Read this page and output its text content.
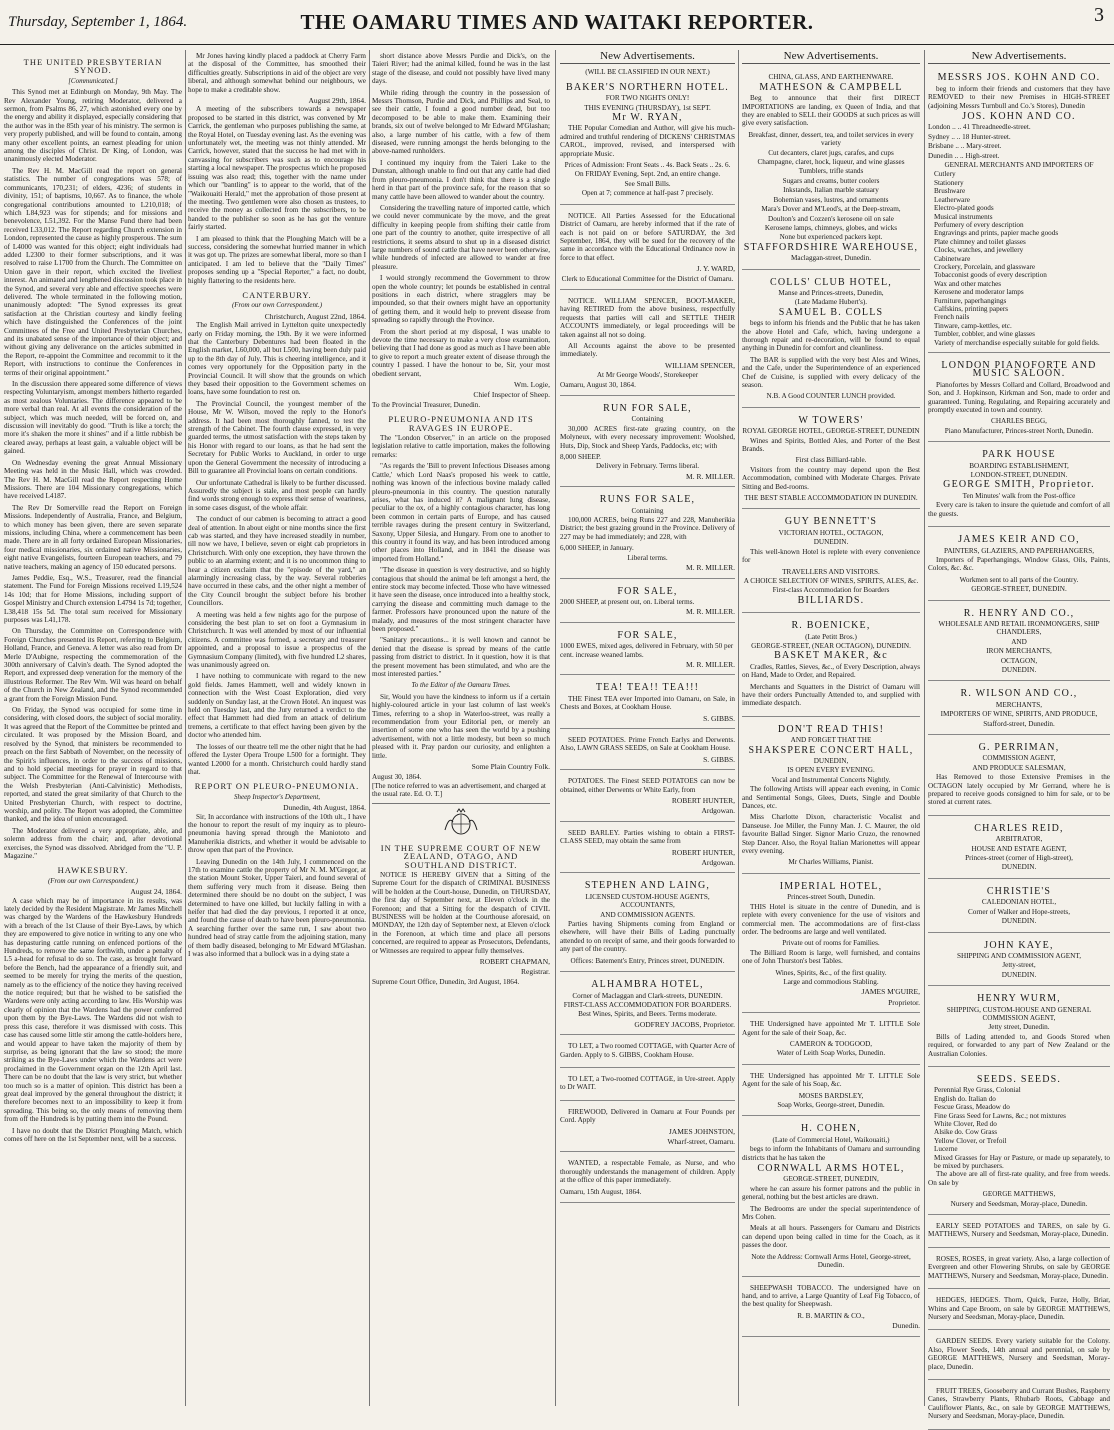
Thursday, September 1, 1864.	THE OAMARU TIMES AND WAITAKI REPORTER.	3
THE UNITED PRESBYTERIAN SYNOD.
[Communicated.]

This Synod met at Edinburgh on Monday, 9th May. The Rev Alexander Young, retiring Moderator, delivered a sermon, from Psalms 86, 27, which astonished every one by the energy and ability it displayed, especially considering that the author was in the 85th year of his ministry. The sermon is very properly published, and will be found to contain, among many other excellent points, an earnest pleading for union among the disciples of Christ. Dr King, of London, was unanimously elected Moderator.

The Rev H. M. MacGill read the report on general statistics. The number of congregations was 578; of communicants, 170,231; of elders, 4236; of students in divinity, 151; of baptisms, 10,667. As to finance, the whole congregational contributions amounted to L210,018; of which L84,923 was for stipends; and for missions and benevolence, L51,392. For the Manse Fund there had been received L33,012. The Report regarding Church extension in London, represented the cause as highly prosperous. The sum of L4000 was wanted for this object; eight individuals had added L2300 to their former subscriptions, and it was resolved to raise L1700 from the Church. The Committee on Union gave in their report, which excited the liveliest interest. An animated and lengthened discussion took place in the Synod, and several very able and effective speeches were delivered. The whole terminated in the following motion, unanimously adopted: "The Synod expresses its great satisfaction at the Christian courtesy and kindly feeling which have distinguished the Conferences of the joint Committees of the Free and United Presbyterian Churches, and its unabated sense of the importance of their object; and without giving any deliverance on the articles submitted in the Report, re-appoint the Committee and recommit to it the Report, with instructions to continue the Conferences in terms of their original appointment."

In the discussion there appeared some difference of views respecting Voluntaryism, amongst members hitherto regarded as most zealous Voluntaries. The difference appeared to be more verbal than real. At all events the consideration of the subject, which was much needed, will be forced on, and discussion will inevitably do good. "Truth is like a torch; the more it's shaken the more it shines" and if a little rubbish be cleared away, perhaps at least gain, a valuable object will be gained.

On Wednesday evening the great Annual Missionary Meeting was held in the Music Hall, which was crowded. The Rev H. M. MacGill read the Report respecting Home Missions. There are 104 Missionary congregations, which have received L4187.

The Rev Dr Somerville read the Report on Foreign Missions. Independently of Australia, France, and Belgium, to which money has been given, there are seven separate missions, including China, where a commencement has been made. There are in all forty ordained European Missionaries, four medical missionaries, six ordained native Missionaries, eight native Evangelists, fourteen European teachers, and 79 native teachers, making an agency of 150 educated persons.

James Peddie, Esq., W.S., Treasurer, read the financial statement. The Fund for Foreign Missions received L19,524 14s 10d; that for Home Missions, including support of Gospel Ministry and Church extension L4794 1s 7d; together, L38,418 15s 5d. The total sum received for Missionary purposes was L41,178.

On Thursday, the Committee on Correspondence with Foreign Churches presented its Report, referring to Belgium, Holland, France, and Geneva. A letter was also read from Dr Merle D'Aubigne, respecting the commemoration of the 300th anniversary of Calvin's death. The Synod adopted the Report, and expressed deep veneration for the memory of the illustrious Reformer. The Rev Wm. Wil was heard on behalf of the Church in New Zealand, and the Synod recommended a grant from the Foreign Mission Fund.

On Friday, the Synod was occupied for some time in considering, with closed doors, the subject of social morality. It was agreed that the Report of the Committee be printed and circulated. It was proposed by the Mission Board, and resolved by the Synod, that ministers be recommended to preach on the first Sabbath of November, on the necessity of the Spirit's influences, in order to the success of missions, and to hold special meetings for prayer in regard to that subject. The Committee for the Renewal of Intercourse with the Welsh Presbyterian (Anti-Calvinistic) Methodists, reported, and stated the great similarity of that Church to the United Presbyterian Church, with respect to doctrine, worship, and polity. The Report was adopted, the Committee thanked, and the idea of union encouraged.

The Moderator delivered a very appropriate, able, and solemn address from the chair; and, after devotional exercises, the Synod was dissolved. Abridged from the "U. P. Magazine."

HAWKESBURY.
(From our own Correspondent.)
August 24, 1864.

A case which may be of importance in its results, was lately decided by the Resident Magistrate. Mr James Mitchell was charged by the Wardens of the Hawkesbury Hundreds with a breach of the 1st Clause of their Bye-Laws, by which they are empowered to give notice in writing to any one who has depasturing cattle running on enfenced portions of the Hundreds, to remove the same forthwith, under a penalty of L5 a-head for refusal to do so. The case, as brought forward before the Bench, had the appearance of a friendly suit, and seemed to be merely for trying the merits of the question, namely as to the efficiency of the notice they having received the notice required; but that he wished to be satisfied the Wardens were only acting according to law. His Worship was clearly of opinion that the Wardens had the power conferred upon them by the Bye-Laws. The Wardens did not wish to press this case, therefore it was dismissed with costs. This case has caused some little stir among the cattle-holders here, and would appear to have taken the majority of them by surprise, as being ignorant that the law so stood; the more striking as the Bye-Laws under which the Wardens act were proclaimed in the Government organ on the 12th April last. There can be no doubt that the law is very strict, but whether too much so is a matter of opinion. This district has been a great deal improved by the general throughout the district; it therefore becomes next to an impossibility to keep it from spreading. This being so, the only means of removing them from off the Hundreds is by putting them into the Pound.

I have no doubt that the District Ploughing Match, which comes off here on the 1st September next, will be a success.

Mr Jones having kindly placed a paddock at Cherry Farm at the disposal of the Committee, has smoothed their difficulties greatly. Subscriptions in aid of the object are very liberal, and although somewhat behind our neighbours, we hope to make a creditable show.

August 29th, 1864.

A meeting of the subscribers towards a newspaper proposed to be started in this district, was convened by Mr Carrick, the gentleman who purposes publishing the same, at the Royal Hotel, on Tuesday evening last. As the evening was unfortunately wet, the meeting was not thinly attended. Mr Carrick, however, stated that the success he had met with in canvassing for subscribers was such as to encourage his starting a local newspaper. The prospectus which he proposed issuing was also read; this, together with the name under which our "bantling" is to appear to the world, that of the "Waikouaiti Herald," met the approbation of those present at the meeting. Two gentlemen were also chosen as trustees, to receive the money as collected from the subscribers, to be handed to the publisher so soon as he has got the venture fairly started.

I am pleased to think that the Ploughing Match will be a success, considering the somewhat hurried manner in which it was got up. The prizes are somewhat liberal, more so than I anticipated. I am led to believe that the "Daily Times" proposes sending up a "Special Reporter," a fact, no doubt, highly flattering to the residents here.

CANTERBURY.
(From our own Correspondent.)
Christchurch, August 22nd, 1864.

The English Mail arrived in Lyttelton quite unexpectedly early on Friday morning, the 19th. By it we were informed that the Canterbury Debentures had been floated in the English market, L60,000, all but L500, having been duly paid up to the 8th day of July. This is cheering intelligence, and it comes very opportunely for the Opposition party in the Provincial Council. It will show that the grounds on which they based their opposition to the Government schemes on loans, have some foundation to rest on.

The Provincial Council, the youngest member of the House, Mr W. Wilson, moved the reply to the Honor's address. It had been most thoroughly fanned, to test the strength of the Cabinet. The fourth clause expressed, in very guarded terms, the utmost satisfaction with the steps taken by his Honor with regard to our loans, as that he had sent the Secretary for Public Works to Auckland, in order to urge upon the General Government the necessity of introducing a Bill to guarantee all Provincial loans on certain conditions.

Our unfortunate Cathedral is likely to be further discussed. Assuredly the subject is stale, and most people can hardly find words strong enough to express their sense of weariness, in some cases disgust, of the whole affair.

The conduct of our cabmen is becoming to attract a good deal of attention. In about eight or nine months since the first cab was started, and they have increased steadily in number, till now we have, I believe, seven or eight cab proprietors in Christchurch. With only one exception, they have thrown the public to an alarming extent; and it is no uncommon thing to hear a citizen exclaim that the "episode of the yard," an alarmingly increasing class, by the way. Several robberies have occurred in these cabs, and the other night a member of the City Council brought the subject before his brother Councillors.

A meeting was held a few nights ago for the purpose of considering the best plan to set on foot a Gymnasium in Christchurch. It was well attended by most of our influential citizens. A committee was formed, a secretary and treasurer appointed, and a proposal to issue a prospectus of the Gymnasium Company (limited), with five hundred L2 shares, was unanimously agreed on.

I have nothing to communicate with regard to the new gold fields. James Hammett, well and widely known in connection with the West Coast Exploration, died very suddenly on Sunday last, at the Crown Hotel. An inquest was held on Tuesday last, and the Jury returned a verdict to the effect that Hammett had died from an attack of delirium tremens, a certificate to that effect having been given by the doctor who attended him.

The losses of our theatre tell me the other night that he had offered the Lyster Opera Troupe L500 for a fortnight. They wanted L2000 for a month. Christchurch could hardly stand that.

REPORT ON PLEURO-PNEUMONIA.
Sheep Inspector's Department,
Dunedin, 4th August, 1864.

Sir, In accordance with instructions of the 10th ult., I have the honour to report the result of my inquiry as to pleuro-pneumonia having spread through the Maniototo and Manuherikia districts, and whether it would be advisable to throw open that part of the Province.

Leaving Dunedin on the 14th July, I commenced on the 17th to examine cattle the property of Mr N. M. M'Gregor, at the station Mount Stoker, Upper Taieri, and found several of them suffering very much from it disease. Being then determined there should be no doubt on the subject, I was determined to have one killed, but luckily falling in with a heifer that had died the day previous, I reported it at once, and found the cause of death to have been pleuro-pneumonia. A searching further over the same run, I saw about two hundred head of stray cattle from the adjoining station, many of them badly diseased, belonging to Mr Edward M'Glashan. I was also informed that a bullock was in a dying state a

short distance above Messrs Purdie and Dick's, on the Taieri River; had the animal killed, found he was in the last stage of the disease, and could not possibly have lived many days.

While riding through the country in the possession of Messrs Thomson, Purdie and Dick, and Phillips and Seal, to see their cattle, I found a good number dead, but too decomposed to be able to make them. Examining their brands, six out of twelve belonged to Mr Edward M'Glashan; also, a large number of his cattle, with a few of them diseased, were running amongst the herds belonging to the above-named runholders.

I continued my inquiry from the Taieri Lake to the Dunstan, although unable to find out that any cattle had died from pleuro-pneumonia. I don't think that there is a single herd in that part of the province safe, for the reason that so many cattle have been allowed to wander about the country.

Considering the travelling nature of imported cattle, which we could never communicate by the move, and the great difficulty in keeping people from shifting their cattle from one part of the country to another, quite irrespective of all restrictions, it seems absurd to shut up in a diseased district large numbers of sound cattle that have never been otherwise, while hundreds of infected are allowed to wander at free pleasure.

I would strongly recommend the Government to throw open the whole country; let pounds be established in central positions in each district, where stragglers may be impounded, so that their owners might have an opportunity of getting them, and it would help to prevent disease from spreading so rapidly through the Province.

From the short period at my disposal, I was unable to devote the time necessary to make a very close examination, believing that I had done as good as much as I have been able to give to report a much greater extent of disease through the country I passed. I have the honour to be, Sir, your most obedient servant,

Wm. Logie,
Chief Inspector of Sheep.
To the Provincial Treasurer, Dunedin.
PLEURO-PNEUMONIA AND ITS RAVAGES IN EUROPE.

The "London Observer," in an article on the proposed legislation relative to cattle importation, makes the following remarks:

"As regards the 'Bill to prevent Infectious Diseases among Cattle,' which Lord Naas's proposed his week to cattle, nothing was known of the infectious bovine malady called pleuro-pneumonia in this country. The question naturally arises, what has induced it? A malignant lung disease, peculiar to the ox, of a highly contagious character, has long been common in certain parts of Europe, and has caused terrible ravages during the present century in Switzerland, Saxony, Upper Silesia, and Hungary. From one to another to this country it found its way, and has been introduced among other places into Holland, and in 1841 the disease was imported from Holland."

"The disease in question is very destructive, and so highly contagious that should the animal be left amongst a herd, the entire stock may become infected. Those who have witnessed it have seen the disease, once introduced into a healthy stock, carrying the disease and committing much damage to the farmer. Professors have pronounced upon the nature of the malady, and measures of the most stringent character have been proposed."

"Sanitary precautions... it is well known and cannot be denied that the disease is spread by means of the cattle passing from district to district. In it question, how it is that the present movement has been stimulated, and who are the most interested parties."

To the Editor of the Oamaru Times.

Sir, Would you have the kindness to inform us if a certain highly-coloured article in your last column of last week's Times, referring to a shop in Waterloo-street, was really a recommendation from your Editorial pen, or merely an insertion of some one who has seen the world by a pushing advertisement, with not a little modesty, but been so much pleased with it. Pray pardon our curiosity, and enlighten a little.

Some Plain Country Folk.
August 30, 1864.
[The notice referred to was an advertisement, and charged at the usual rate. Ed. O. T.]
IN THE SUPREME COURT OF NEW ZEALAND, OTAGO, AND SOUTHLAND DISTRICT.

NOTICE IS HEREBY GIVEN that a Sitting of the Supreme Court for the dispatch of CRIMINAL BUSINESS will be holden at the Court-house, Dunedin, on THURSDAY, the first day of September next, at Eleven o'clock in the Forenoon; and that a Sitting for the despatch of CIVIL BUSINESS will be holden at the Courthouse aforesaid, on MONDAY, the 12th day of September next, at Eleven o'clock in the Forenoon, at which time and place all persons concerned, are required to appear as Prosecutors, Defendants, or Witnesses are required to appear fully themselves.

ROBERT CHAPMAN,
Registrar.
Supreme Court Office, Dunedin, 3rd August, 1864.
New Advertisements.
(WILL BE CLASSIFIED IN OUR NEXT.)
BAKER'S NORTHERN HOTEL.
FOR TWO NIGHTS ONLY!
THIS EVENING (THURSDAY), 1st SEPT.
Mr W. RYAN,

THE Popular Comedian and Author, will give his much-admired and truthful rendering of DICKENS' CHRISTMAS CAROL, improved, revised, and interspersed with appropriate Music.

Prices of Admission: Front Seats .. 4s. Back Seats .. 2s. 6.
On FRIDAY Evening, Sept. 2nd, an entire change.
See Small Bills.
Open at 7; commence at half-past 7 precisely.

NOTICE. All Parties Assessed for the Educational District of Oamaru, are hereby informed that if the rate of each is not paid on or before SATURDAY, the 3rd September, 1864, they will be sued for the recovery of the same in accordance with the Educational Ordinance now in force to that effect.

J. Y. WARD,
Clerk to Educational Committee for the District of Oamaru.

NOTICE. WILLIAM SPENCER, BOOT-MAKER, having RETIRED from the above business, respectfully requests that parties will call and SETTLE THEIR ACCOUNTS immediately, or legal proceedings will be taken against all not so doing.

All Accounts against the above to be presented immediately.

WILLIAM SPENCER,
At Mr George Woods', Storekeeper
Oamaru, August 30, 1864.
RUN FOR SALE,
Containing

30,000 ACRES first-rate grazing country, on the Molyneux, with every necessary improvement: Woolshed, Huts, Dip, Stock and Sheep Yards, Paddocks, etc; with

8,000 SHEEP.
Delivery in February. Terms liberal.
M. R. MILLER.
RUNS FOR SALE,
Containing

100,000 ACRES, being Runs 227 and 228, Manuherikia District; the best grazing ground in the Province. Delivery of 227 may be had immediately; and 228, with

6,000 SHEEP, in January.
Liberal terms.
M. R. MILLER.
FOR SALE,
2000 SHEEP, at present out, on. Liberal terms.
M. R. MILLER.
FOR SALE,
1000 EWES, mixed ages, delivered in February, with 50 per cent. increase weaned lambs.
M. R. MILLER.
TEA! TEA!! TEA!!!

THE Finest TEA ever Imported into Oamaru, on Sale, in Chests and Boxes, at Cookham House.

S. GIBBS.

SEED POTATOES. Prime French Earlys and Derwents. Also, LAWN GRASS SEEDS, on Sale at Cookham House.

S. GIBBS.

POTATOES. The Finest SEED POTATOES can now be obtained, either Derwents or White Early, from

ROBERT HUNTER,
Ardgowan.

SEED BARLEY. Parties wishing to obtain a FIRST-CLASS SEED, may obtain the same from

ROBERT HUNTER,
Ardgowan.
STEPHEN AND LAING,
LICENSED CUSTOM-HOUSE AGENTS, ACCOUNTANTS,
AND COMMISSION AGENTS.

Parties having Shipments coming from England or elsewhere, will have their Bills of Lading punctually attended to on receipt of same, and their goods forwarded to any part of the country.

Offices: Batement's Entry, Princes street, DUNEDIN.
ALHAMBRA HOTEL,
Corner of Maclaggan and Clark-streets, DUNEDIN.
FIRST-CLASS ACCOMMODATION FOR BOARDERS.
Best Wines, Spirits, and Beers. Terms moderate.
GODFREY JACOBS, Proprietor.

TO LET, a Two roomed COTTAGE, with Quarter Acre of Garden. Apply to S. GIBBS, Cookham House.

TO LET, a Two-roomed COTTAGE, in Ure-street. Apply to Dr WAIT.

FIREWOOD, Delivered in Oamaru at Four Pounds per Cord. Apply

JAMES JOHNSTON,
Wharf-street, Oamaru.

WANTED, a respectable Female, as Nurse, and who thoroughly understands the management of children. Apply at the office of this paper immediately.

Oamaru, 15th August, 1864.
New Advertisements.
CHINA, GLASS, AND EARTHENWARE.
MATHESON & CAMPBELL

Beg to announce that their first DIRECT IMPORTATIONS are landing, ex Queen of India, and that they are enabled to SELL their GOODS at such prices as will give every satisfaction.

Breakfast, dinner, dessert, tea, and toilet services in every variety
Cut decanters, claret jugs, carafes, and cups
Champagne, claret, hock, liqueur, and wine glasses
Tumblers, trifle stands
Sugars and creams, butter coolers
Inkstands, Italian marble statuary
Bohemian vases, lustres, and ornaments
Mara's Dover and M'Leod's, at the Deep-stream,
Doulton's and Cozzen's kerosene oil on sale
Kerosene lamps, chimneys, globes, and wicks
None but experienced packers kept.
STAFFORDSHIRE WAREHOUSE,
Maclaggan-street, Dunedin.
COLLS' CLUB HOTEL,
Manse and Princes-streets, Dunedin,
(Late Madame Hubert's).
SAMUEL B. COLLS

begs to inform his friends and the Public that he has taken the above Hotel and Cafe, which, having undergone a thorough repair and re-decoration, will be found to equal anything in Dunedin for comfort and cleanliness.

The BAR is supplied with the very best Ales and Wines, and the Cafe, under the Superintendence of an experienced Chef de Cuisine, is supplied with every delicacy of the season.

N.B. A Good COUNTER LUNCH provided.
W TOWERS'
ROYAL GEORGE HOTEL, GEORGE-STREET, DUNEDIN

Wines and Spirits, Bottled Ales, and Porter of the Best Brands.

First class Billiard-table.

Visitors from the country may depend upon the Best Accommodation, combined with Moderate Charges. Private Sitting and Bed-rooms.

THE BEST STABLE ACCOMMODATION IN DUNEDIN.
GUY BENNETT'S
VICTORIAN HOTEL, OCTAGON,
DUNEDIN.

This well-known Hotel is replete with every convenience for

TRAVELLERS AND VISITORS.
A CHOICE SELECTION OF WINES, SPIRITS, ALES, &c.
First-class Accommodation for Boarders
BILLIARDS.
R. BOENICKE,
(Late Petitt Bros.)
GEORGE-STREET, (NEAR OCTAGON), DUNEDIN.
BASKET MAKER, &c

Cradles, Rattles, Sieves, &c., of Every Description, always on Hand, Made to Order, and Repaired.

Merchants and Squatters in the District of Oamaru will have their orders Punctually Attended to, and supplied with immediate despatch.

DON'T READ THIS!
AND FORGET THAT THE
SHAKSPERE CONCERT HALL,
DUNEDIN,
IS OPEN EVERY EVENING.
Vocal and Instrumental Concerts Nightly.

The following Artists will appear each evening, in Comic and Sentimental Songs, Glees, Duets, Single and Double Dances, etc.

Miss Charlotte Dixon, characteristic Vocalist and Danseuse. Joe Miller, the Funny Man. J. C. Maurer, the old favourite Ballad Singer. Signor Mario Cruzo, the renowned Step Dancer. Also, the Royal Italian Marionettes will appear every evening.

Mr Charles Williams, Pianist.
IMPERIAL HOTEL,
Princes-street South, Dunedin.

THIS Hotel is situate in the centre of Dunedin, and is replete with every convenience for the use of visitors and commercial men. The accommodations are of first-class order. The bedrooms are large and well ventilated.

Private out of rooms for Families.

The Billiard Room is large, well furnished, and contains one of John Thurston's best Tables.

Wines, Spirits, &c., of the first quality.
Large and commodious Stabling.
JAMES M'GUIRE,
Proprietor.

THE Undersigned have appointed Mr T. LITTLE Sole Agent for the sale of their Soap, &c.

CAMERON & TOOGOOD,
Water of Leith Soap Works, Dunedin.

THE Undersigned has appointed Mr T. LITTLE Sole Agent for the sale of his Soap, &c.

MOSES BARDSLEY,
Soap Works, George-street, Dunedin.
H. COHEN,
(Late of Commercial Hotel, Waikouaiti,)

begs to inform the Inhabitants of Oamaru and surrounding districts that he has taken the

CORNWALL ARMS HOTEL,
GEORGE-STREET, DUNEDIN,

where he can assure his former patrons and the public in general, nothing but the best articles are drawn.

The Bedrooms are under the special superintendence of Mrs Cohen.

Meals at all hours. Passengers for Oamaru and Districts can depend upon being called in time for the Coach, as it passes the door.

Note the Address: Cornwall Arms Hotel, George-street, Dunedin.

SHEEPWASH TOBACCO. The undersigned have on hand, and to arrive, a Large Quantity of Leaf Fig Tobacco, of the best quality for Sheepwash.

R. B. MARTIN & CO.,
Dunedin.
New Advertisements.
MESSRS JOS. KOHN AND CO.

beg to inform their friends and customers that they have REMOVED to their new Premises in HIGH-STREET (adjoining Messrs Turnbull and Co.'s Stores), Dunedin

JOS. KOHN AND CO.
London .. .. 41 Threadneedle-street.
Sydney .. .. 18 Hunter-street.
Brisbane .. .. Mary-street.
Dunedin .. .. High-street.
GENERAL MERCHANTS AND IMPORTERS OF
Cutlery
Stationery
Brushware
Leatherware
Electro-plated goods
Musical instruments
Perfumery of every description
Engravings and prints, papier mache goods
Plate chimney and toilet glasses
Clocks, watches, and jewellery
Cabinetware
Crockery, Porcelain, and glassware
Tobacconist goods of every description
Wax and other matches
Kerosene and moderator lamps
Furniture, paperhangings
Calfskins, printing papers
French nails
Tinware, camp-kettles, etc.
Tumbler, cobbler, and wine glasses
Variety of merchandise especially suitable for gold fields.
LONDON PIANOFORTE AND MUSIC SALOON.

Pianofortes by Messrs Collard and Collard, Broadwood and Son, and J. Hopkinson, Kirkman and Son, made to order and guaranteed. Tuning, Regulating, and Repairing accurately and promptly executed in town and country.

CHARLES BEGG,
Piano Manufacturer, Princes-street North, Dunedin.
PARK HOUSE
BOARDING ESTABLISHMENT,
LONDON-STREET, DUNEDIN.
GEORGE SMITH, Proprietor.
Ten Minutes' walk from the Post-office

Every care is taken to insure the quietude and comfort of all the guests.

JAMES KEIR AND CO,
PAINTERS, GLAZIERS, AND PAPERHANGERS,

Importers of Paperhangings, Window Glass, Oils, Paints, Colors, &c. &c.

Workmen sent to all parts of the Country.
GEORGE-STREET, DUNEDIN.
R. HENRY AND CO.,
WHOLESALE AND RETAIL IRONMONGERS, SHIP CHANDLERS,
AND
IRON MERCHANTS,
OCTAGON,
DUNEDIN.
R. WILSON AND CO.,
MERCHANTS,
IMPORTERS OF WINE, SPIRITS, AND PRODUCE,
Stafford-street, Dunedin.
G. PERRIMAN,
COMMISSION AGENT,
AND PRODUCE SALESMAN,

Has Removed to those Extensive Premises in the OCTAGON lately occupied by Mr Gerrand, where he is prepared to receive goods consigned to him for sale, or to be stored at current rates.

CHARLES REID,
ARBITRATOR,
HOUSE AND ESTATE AGENT,
Princes-street (corner of High-street),
DUNEDIN.
CHRISTIE'S
CALEDONIAN HOTEL,
Corner of Walker and Hope-streets,
DUNEDIN.
JOHN KAYE,
SHIPPING AND COMMISSION AGENT,
Jetty-street,
DUNEDIN.
HENRY WURM,
SHIPPING, CUSTOM-HOUSE AND GENERAL COMMISSION AGENT,
Jetty street, Dunedin.

Bills of Lading attended to, and Goods Stored when required, or forwarded to any part of New Zealand or the Australian Colonies.

SEEDS. SEEDS.
Perennial Rye Grass, Colonial
English do. Italian do
Fescue Grass, Meadow do
Fine Grass Seed for Lawns, &c.; not mixtures
White Clover, Red do
Alsike do. Cow Grass
Yellow Clover, or Trefoil
Lucerne
Mixed Grasses for Hay or Pasture, or made up separately, to be mixed by purchasers.

The above are all of first-rate quality, and free from weeds. On sale by

GEORGE MATTHEWS,
Nursery and Seedsman, Moray-place, Dunedin.

EARLY SEED POTATOES and TARES, on sale by G. MATTHEWS, Nursery and Seedsman, Moray-place, Dunedin.

ROSES, ROSES, in great variety. Also, a large collection of Evergreen and other Flowering Shrubs, on sale by GEORGE MATTHEWS, Nursery and Seedsman, Moray-place, Dunedin.

HEDGES, HEDGES. Thorn, Quick, Furze, Holly, Briar, Whins and Cape Broom, on sale by GEORGE MATTHEWS, Nursery and Seedsman, Moray-place, Dunedin.

GARDEN SEEDS. Every variety suitable for the Colony. Also, Flower Seeds, 14th annual and perennial, on sale by GEORGE MATTHEWS, Nursery and Seedsman, Moray-place, Dunedin.

FRUIT TREES, Gooseberry and Currant Bushes, Raspberry Canes, Strawberry Plants, Rhubarb Roots, Cabbage and Cauliflower Plants, &c., on sale by GEORGE MATTHEWS, Nursery and Seedsman, Moray-place, Dunedin.
